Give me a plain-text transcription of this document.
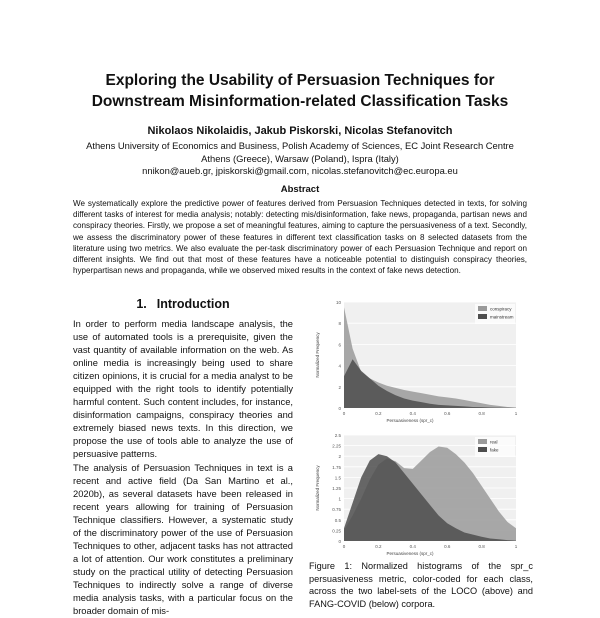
Exploring the Usability of Persuasion Techniques for Downstream Misinformation-related Classification Tasks
Nikolaos Nikolaidis, Jakub Piskorski, Nicolas Stefanovitch
Athens University of Economics and Business, Polish Academy of Sciences, EC Joint Research Centre
Athens (Greece), Warsaw (Poland), Ispra (Italy)
nnikon@aueb.gr, jpiskorski@gmail.com, nicolas.stefanovitch@ec.europa.eu
Abstract
We systematically explore the predictive power of features derived from Persuasion Techniques detected in texts, for solving different tasks of interest for media analysis; notably: detecting mis/disinformation, fake news, propaganda, partisan news and conspiracy theories. Firstly, we propose a set of meaningful features, aiming to capture the persuasiveness of a text. Secondly, we assess the discriminatory power of these features in different text classification tasks on 8 selected datasets from the literature using two metrics. We also evaluate the per-task discriminatory power of each Persuasion Technique and report on different insights. We find out that most of these features have a noticeable potential to distinguish conspiracy theories, hyperpartisan news and propaganda, while we observed mixed results in the context of fake news detection.
1. Introduction

In order to perform media landscape analysis, the use of automated tools is a prerequisite, given the vast quantity of available information on the web. As online media is increasingly being used to share citizen opinions, it is crucial for a media analyst to be equipped with the right tools to identify potentially harmful content. Such content includes, for instance, disinformation campaigns, conspiracy theories and extremely biased news texts. In this direction, we propose the use of tools able to analyze the use of persuasive patterns.

The analysis of Persuasion Techniques in text is a recent and active field (Da San Martino et al., 2020b), as several datasets have been released in recent years allowing for training of Persuasion Technique classifiers. However, a systematic study of the discriminatory power of the use of Persuasion Techniques to other, adjacent tasks has not attracted a lot of attention. Our work constitutes a preliminary study on the practical utility of detecting Persuasion Techniques to indirectly solve a range of diverse media analysis tasks, with a particular focus on the broader domain of mis-

0
2
4
6
8
10
0	0.2	0.4	0.6	0.8	1
Persuasiveness (spr_c)
Normalized Frequency
conspiracy
mainstream

0
0.25
0.5
0.75
1
1.25
1.5
1.75
2
2.25
2.5
0	0.2	0.4	0.6	0.8	1
Persuasiveness (spr_c)
Normalized Frequency
real
fake
Figure 1: Normalized histograms of the spr_c persuasiveness metric, color-coded for each class, across the two label-sets of the LOCO (above) and FANG-COVID (below) corpora.
